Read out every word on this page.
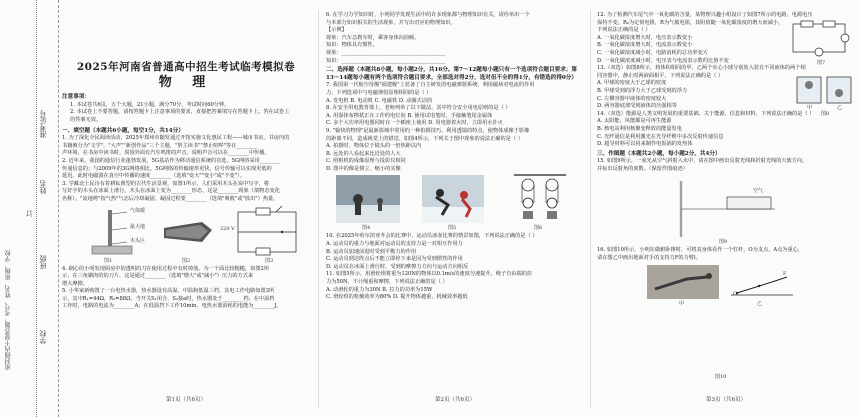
密封线内不要答题，考号、姓名、班级、学校
准考证号
姓名
班级
学校
订
2025年河南省普通高中招生考试临考模拟卷
物 理
注意事项：
1. 本试卷共6页，五个大题，21小题，满分70分，考试时间60分钟。
2. 本试卷上不要答题，请按答题卡上注意事项的要求，直接把答案填写在答题卡上。答在试卷上
的答案无效。
一、填空题（本题共6小题，每空1分，共14分）
1. 为了深化全民阅读活动，2025年郑州市随发通过开馆实施文化惠民工程——城市书房。书房内的
书籍被分为"文学"，"大声""新创作品"三个主题，"帮主读书""禁止喧哗"等在________
声环境，在书房中读书时，周围外面有汽车鸣笛的声音，说明声音可以在________中传播。
2. 近年来，我国的通信行业蓬勃发展，5G基站作为移动通信系统的首选，5G网络采用________
传递信息的；与2009年的3G网络相比，5G网络的传输速率更快，信号传输可以实现更低的
延迟，此时电磁波在真空中传播的速度________（选填"变大""变小"或"不变"）。
3. 学藏北士民诗有着耕耘典型的古代生活景观，如图1所示，人们采用木头在炭中写字，将
写好字的木头在冰面上滑行，木头在冰面上变为________形态，这是________现象（填物态变化
名称）。"流地烤"指气热"气态后冷却凝固，凝固过程要________（选填"吸收"或"放出"）热量。
气体暖
最大地
木头区
图1	图2
220 V
图3
4. 刷心的小明发现厨房中的透明的刀在使用过程中有时掉落，为一个面比较粗糙，如图2所
示，在三角刷肉的的刀片，这是通过________（选填"增大"或"减小"）压力的方式来
增大摩擦。
5. 小华家新购置了一台电热水器，热水器设有高温、中温和低温三档，其电工作电路如图3所
示，其中R₁=44Ω，R₂=88Ω，当开关S₁闭合、S₂接a时，热水器处于________档；在中温档
工作时，电路的电流为________A；在低温挡下工作10min，电热水器消耗的电能为________J。
第1页（共6页）
6. 在学习力学知识时，小明同学发现生活中的许多现象都与物理知识有关，请你举出一个
与本部分知识相关的生活现象，并写出对应的物理知识。
【示例】
现象：汽车急刹车时，乘客身体向前倾。
知识：物体具有惯性。
现象：________________________________________
知识：________________________________________
二、选择题（本题共8小题，每小题2分，共16分。第7～12题每小题只有一个选项符合题目要求；第
13～14题每小题有两个选项符合题目要求，全部选对得2分，选对但不全的得1分，有错选的得0分）
7. 我国第一代航空母舰"福建舰"上装备了自主研发的电磁弹射系统，利用磁场对电流的作用
力，下列选项中与电磁弹射原理相同的是（ ）
A. 发电机 B. 电动机 C. 电磁铁 D. 动圈式话筒
8. 在安全用电教育课上，老师列举了以下做法，其中符合安全用电原则的是（ ）
A. 用湿抹布擦拭正在工作的电灯泡 B. 使用试电笔时，手接触笔尾金属体
C. 多个大功率用电器同时在一个插座上使用 D. 用电器着火时，立即用水扑灭
9. "愉快的物理"是最新影城中常用的一种拍摄技巧。利用透镜的特点，使物体成像于影像
的距离不同，造成视觉上的错觉。如图4所示，下列关于图中现象的说法正确的是（ ）
A. 拍摄时，物体位于镜头的一倍焦距以内
B. 远处的人看起来比近处的人大
C. 照相机的成像原理与投影仪相同
D. 图中的像是倒立、缩小的实像
图4	图5	图6
10. 在2025年哈尔滨亚冬会的比赛中，运动员冰壶比赛的情景如图，下列说法正确的是（ ）
A. 运动员的重力与地面对运动员的支持力是一对相互作用力
B. 运动员加速前进时受到平衡力的作用
C. 运动员到达终点后不能立即停下来是因为受到惯性的作用
D. 运动员在冰面上滑行时，受到的摩擦力方向与运动方向相反
11. 如图5所示，用滑轮组将重为120N的物体以0.1m/s的速度匀速提升，绳子自由端的拉
力为50N，不计绳重和摩擦，下列说法正确的是（ ）
A. 动滑轮的重力为30N B. 拉力的功率为15W
C. 滑轮组的机械效率为80% D. 提升物体越重，机械效率越低
第2页（共6页）
12. 为了检测汽车尾气中一氧化碳的含量，某物理兴趣小组设计了如图7所示的电路，电源电压
保持不变，R₀为定值电阻，R为气敏电阻，其阻值随一氧化碳浓度的增大而减小，
下列说法正确的是（ ）
A. 一氧化碳浓度增大时，电压表示数变小
B. 一氧化碳浓度增大时，电流表示数变小
C. 一氧化碳浓度减小时，电路消耗的总功率变大
D. 一氧化碳浓度减小时，电压表与电流表示数的比值不变	图7
13.（双选）如图8所示，将体积相同的甲、乙两个实心小球分别放入装有不同液体的两个相
同容器中，静止时两液面相平，下列说法正确的是（ ）
A. 甲球的密度大于乙球的密度
B. 甲球受到的浮力大于乙球受到的浮力
C. 左侧容器中液体的密度较大
D. 两容器底部受到液体的压强相等	甲	乙
图8
14.（双选）能源是人类文明发展的重要基础，关于能源、信息和材料，下列说法正确的是（ ）
A. 太阳能、风能都是可再生能源
B. 核电站利用核聚变释放的能量发电
C. 光纤通信是利用激光在光导纤维中多次反射传递信息
D. 超导材料可以用来制作电饭锅的发热体
三、作图题（本题共2小题，每小题2分，共4分）
15. 如图9所示，一束光从空气斜射入水中，请在图中画出反射光线和折射光线的大致方向，
并标出反射角的度数。（保留作图痕迹）
空气
图9
16. 如图10所示，小明在做俯卧撑时，可将其身体看作一个杠杆，O为支点，A点为重心，
请在图乙中画出地面对手的支持力F的力臂l。
O
F
甲	乙
图10
第3页（共6页）
